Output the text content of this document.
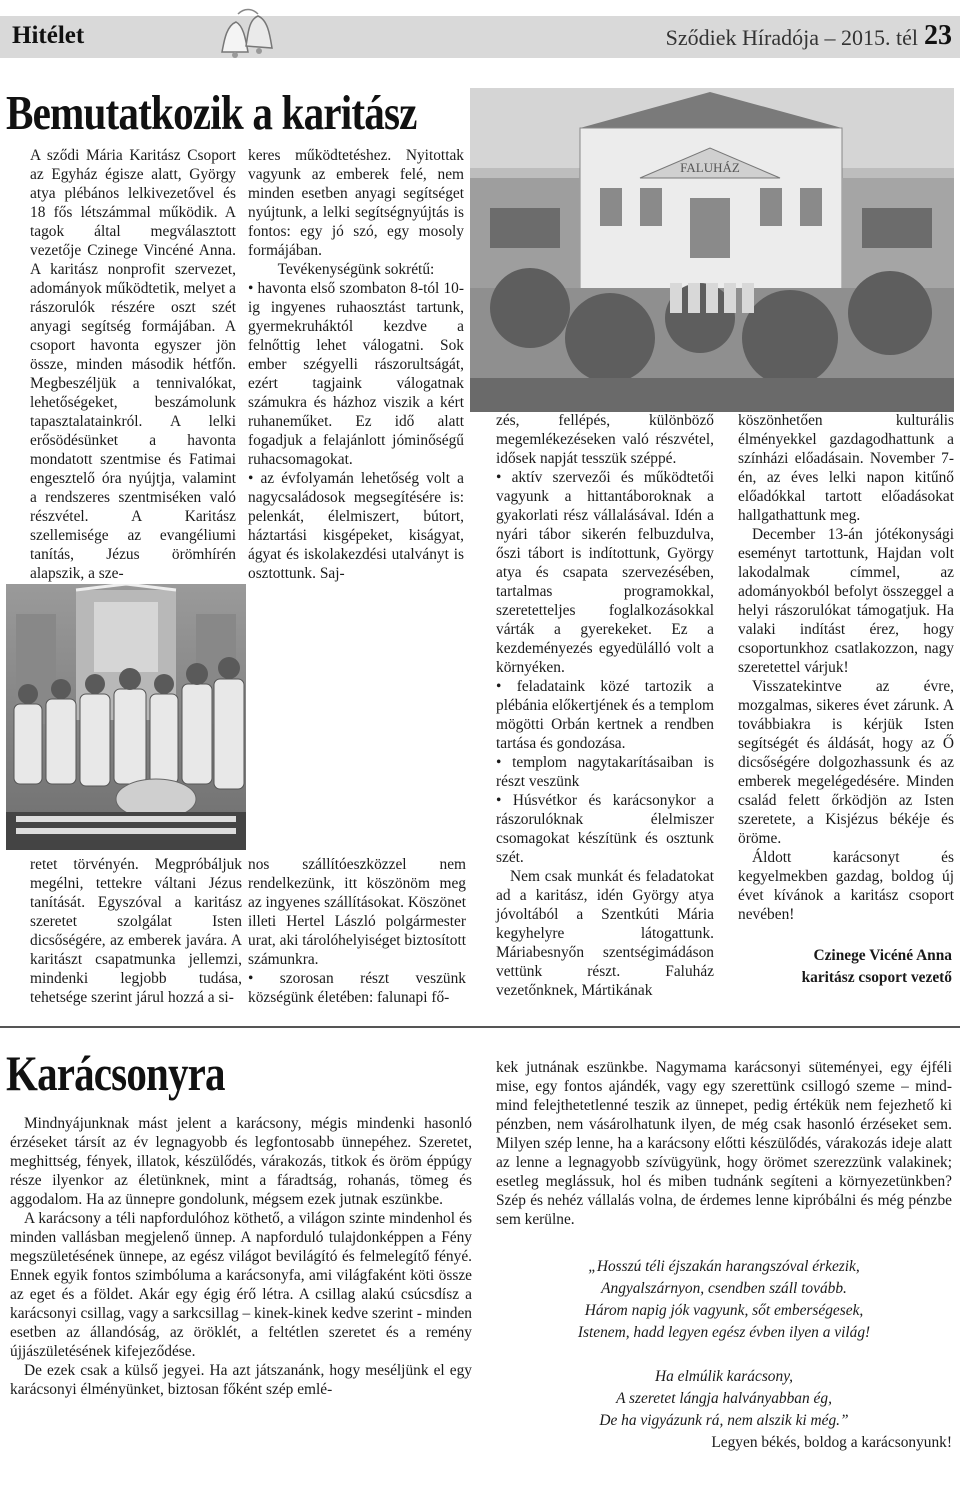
Hitélet	Sződiek Híradója – 2015. tél 23
Bemutatkozik a karitász

A sződi Mária Karitász Csoport az Egyház égisze alatt, György atya plébános lelkivezetővel és 18 fős létszámmal működik. A tagok által megválasztott vezetője Czinege Vincéné Anna. A karitász nonprofit szervezet, adományok működtetik, melyet a rászorulók részére oszt szét anyagi segítség formájában. A csoport havonta egyszer jön össze, minden második hétfőn. Megbeszéljük a tennivalókat, lehetőségeket, beszámolunk tapasztalatainkról. A lelki erősödésünket a havonta mondatott szentmise és Fatimai engesztelő óra nyújtja, valamint a rendszeres szentmiséken való részvétel. A Karitász szellemisége az evangéliumi tanítás, Jézus örömhírén alapszik, a sze-

retet törvényén. Megpróbáljuk megélni, tettekre váltani Jézus tanítását. Egyszóval a karitász szeretet szolgálat Isten dicsőségére, az emberek javára. A karitászt csapatmunka jellemzi, mindenki legjobb tudása, tehetsége szerint járul hozzá a si-

keres működtetéshez. Nyitottak vagyunk az emberek felé, nem minden esetben anyagi segítséget nyújtunk, a lelki segítségnyújtás is fontos: egy jó szó, egy mosoly formájában.

Tevékenységünk sokrétű:

• havonta első szombaton 8-tól 10-ig ingyenes ruhaosztást tartunk, gyermekruháktól kezdve a felnőttig lehet válogatni. Sok ember szégyelli rászorultságát, ezért tagjaink válogatnak számukra és házhoz viszik a kért ruhaneműket. Ez idő alatt fogadjuk a felajánlott jóminőségű ruhacsomagokat.

• az évfolyamán lehetőség volt a nagycsaládosok megsegítésére is: pelenkát, élelmiszert, bútort, háztartási kisgépeket, kiságyat, ágyat és iskolakezdési utalványt is osztottunk. Saj-

nos szállítóeszközzel nem rendelkezünk, itt köszönöm meg az ingyenes szállításokat. Köszönet illeti Hertel László polgármester urat, aki tárolóhelyiséget biztosított számunkra.

• szorosan részt veszünk községünk életében: falunapi fő-

FALUHÁZ

zés, fellépés, különböző megemlékezéseken való részvétel, idősek napját tesszük széppé.

• aktív szervezői és működtetői vagyunk a hittantáboroknak a gyakorlati rész vállalásával. Idén a nyári tábor sikerén felbuzdulva, őszi tábort is indítottunk, György atya és csapata szervezésében, tartalmas programokkal, szeretetteljes foglalkozásokkal várták a gyerekeket. Ez a kezdeményezés egyedülálló volt a környéken.

• feladataink közé tartozik a plébánia előkertjének és a templom mögötti Orbán kertnek a rendben tartása és gondozása.

• templom nagytakarításaiban is részt veszünk

• Húsvétkor és karácsonykor a rászorulóknak élelmiszer csomagokat készítünk és osztunk szét.

Nem csak munkát és feladatokat ad a karitász, idén György atya jóvoltából a Szentkúti Mária kegyhelyre látogattunk. Máriabesnyőn szentségimádáson vettünk részt. Faluház vezetőnknek, Mártikának

köszönhetően kulturális élményekkel gazdagodhattunk a színházi előadásain. November 7-én, az éves lelki napon kitűnő előadókkal tartott előadásokat hallgathattunk meg.

December 13-án jótékonysági eseményt tartottunk, Hajdan volt lakodalmak címmel, az adományokból befolyt összeggel a helyi rászorulókat támogatjuk. Ha valaki indítást érez, hogy csoportunkhoz csatlakozzon, nagy szeretettel várjuk!

Visszatekintve az évre, mozgalmas, sikeres évet zárunk. A továbbiakra is kérjük Isten segítségét és áldását, hogy az Ő dicsőségére dolgozhassunk és az emberek megelégedésére. Minden család felett őrködjön az Isten szeretete, a Kisjézus békéje és öröme.

Áldott karácsonyt és kegyelmekben gazdag, boldog új évet kívánok a karitász csoport nevében!

Czinege Vicéné Anna
karitász csoport vezető
Karácsonyra

Mindnyájunknak mást jelent a karácsony, mégis mindenki hasonló érzéseket társít az év legnagyobb és legfontosabb ünnepéhez. Szeretet, meghittség, fények, illatok, készülődés, várakozás, titkok és öröm éppúgy része ilyenkor az életünknek, mint a fáradtság, rohanás, tömeg és aggodalom. Ha az ünnepre gondolunk, mégsem ezek jutnak eszünkbe.

A karácsony a téli napfordulóhoz köthető, a világon szinte mindenhol és minden vallásban megjelenő ünnep. A napforduló tulajdonképpen a Fény megszületésének ünnepe, az egész világot bevilágító és felmelegítő fényé. Ennek egyik fontos szimbóluma a karácsonyfa, ami világfaként köti össze az eget és a földet. Akár egy égig érő létra. A csillag alakú csúcsdísz a karácsonyi csillag, vagy a sarkcsillag – kinek-kinek kedve szerint - minden esetben az állandóság, az öröklét, a feltétlen szeretet és a remény újjászületésének kifejeződése.

De ezek csak a külső jegyei. Ha azt játszanánk, hogy meséljünk el egy karácsonyi élményünket, biztosan főként szép emlé-

kek jutnának eszünkbe. Nagymama karácsonyi süteményei, egy éjféli mise, egy fontos ajándék, vagy egy szerettünk csillogó szeme – mind-mind felejthetetlenné teszik az ünnepet, pedig értékük nem fejezhető ki pénzben, nem vásárolhatunk ilyen, de még csak hasonló érzéseket sem. Milyen szép lenne, ha a karácsony előtti készülődés, várakozás ideje alatt az lenne a legnagyobb szívügyünk, hogy örömet szerezzünk valakinek; esetleg meglássuk, hol és miben tudnánk segíteni a környezetünkben? Szép és nehéz vállalás volna, de érdemes lenne kipróbálni és még pénzbe sem kerülne.

„Hosszú téli éjszakán harangszóval érkezik,
Angyalszárnyon, csendben száll tovább.
Három napig jók vagyunk, sőt emberségesek,
Istenem, hadd legyen egész évben ilyen a világ!

Ha elmúlik karácsony,
A szeretet lángja halványabban ég,
De ha vigyázunk rá, nem alszik ki még.”
Legyen békés, boldog a karácsonyunk!
